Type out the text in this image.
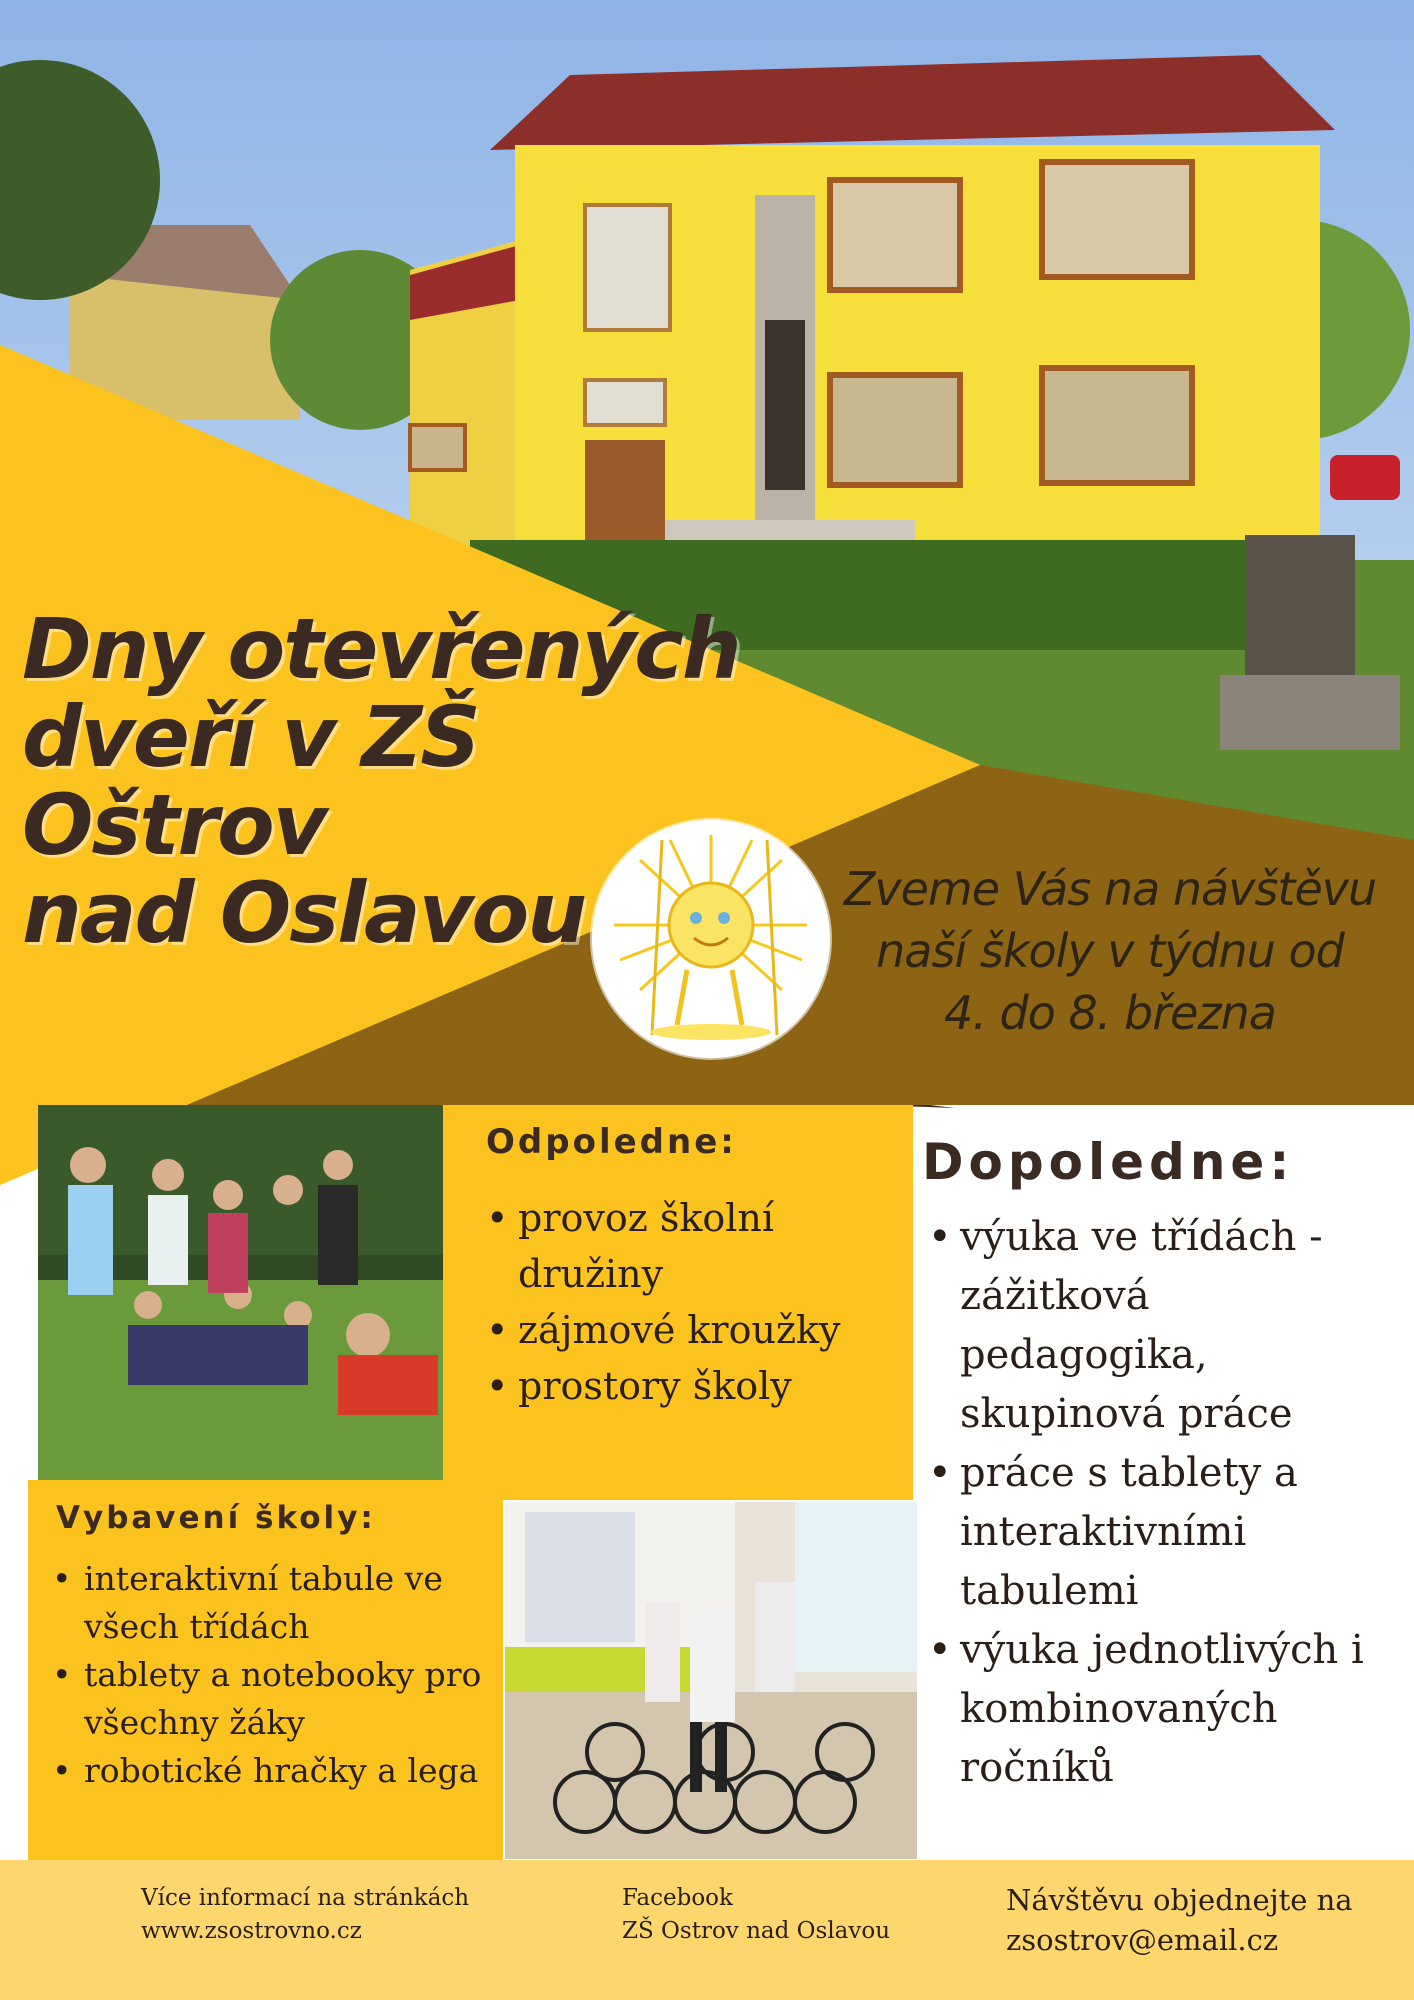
Dny otevřených
dveří v ZŠ Oštrov
nad Oslavou	Zveme Vás na návštěvu
naší školy v týdnu od
4. do 8. března
Odpoledne:
• provoz školní družiny
• zájmové kroužky
• prostory školy
Dopoledne:
• výuka ve třídách - zážitková pedagogika, skupinová práce
• práce s tablety a interaktivními tabulemi
• výuka jednotlivých i kombinovaných ročníků
Vybavení školy:
• interaktivní tabule ve všech třídách
• tablety a notebooky pro všechny žáky
• robotické hračky a lega
Více informací na stránkách
www.zsostrovno.cz
Facebook
ZŠ Ostrov nad Oslavou
Návštěvu objednejte na
zsostrov@email.cz
